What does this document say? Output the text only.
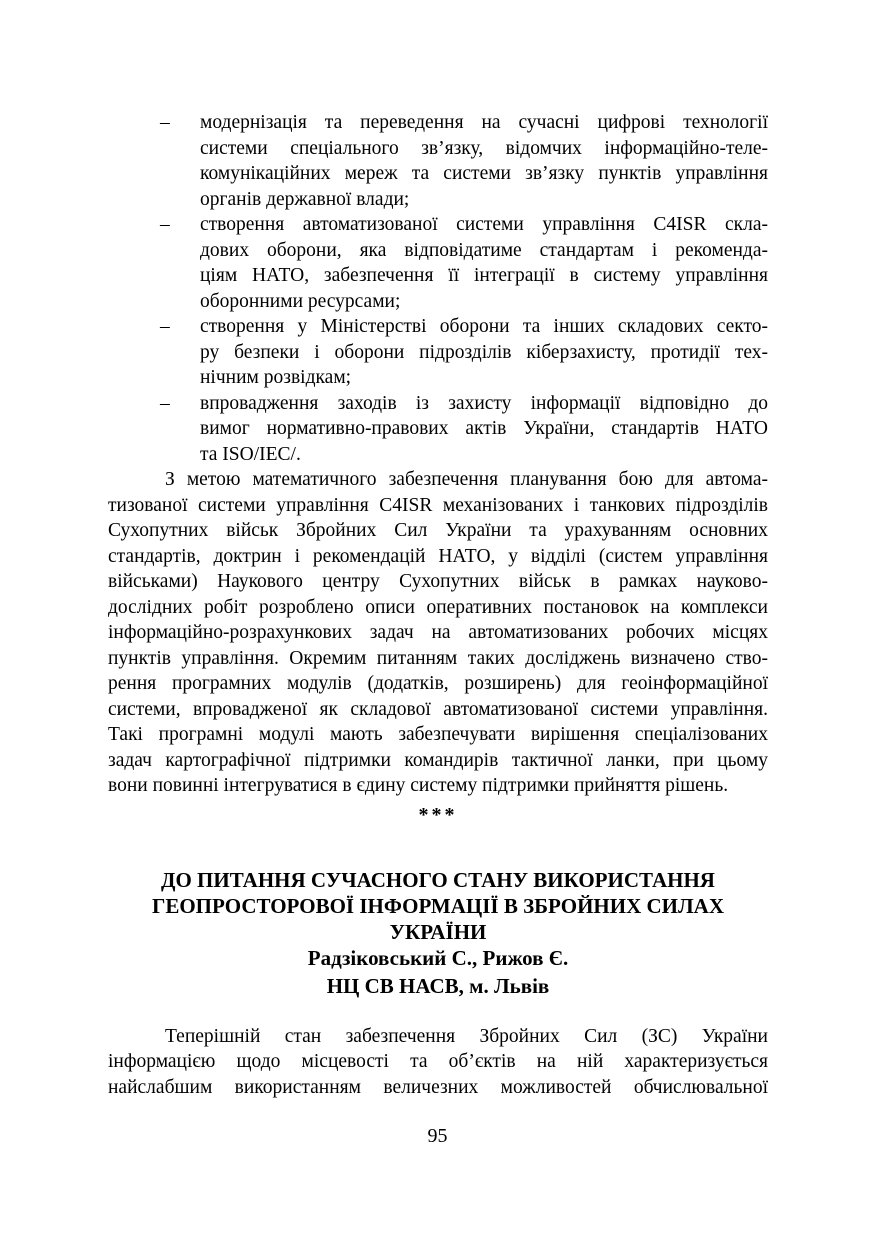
– модернізація та переведення на сучасні цифрові технології
системи спеціального зв’язку, відомчих інформаційно-теле-
комунікаційних мереж та системи зв’язку пунктів управління
органів державної влади;
– створення автоматизованої системи управління C4ISR скла-
дових оборони, яка відповідатиме стандартам і рекоменда-
ціям НАТО, забезпечення її інтеграції в систему управління
оборонними ресурсами;
– створення у Міністерстві оборони та інших складових секто-
ру безпеки і оборони підрозділів кіберзахисту, протидії тех-
нічним розвідкам;
– впровадження заходів із захисту інформації відповідно до
вимог нормативно-правових актів України, стандартів НАТО
та ISO/IEC/.
З метою математичного забезпечення планування бою для автома-
тизованої системи управління C4ISR механізованих і танкових підрозділів
Сухопутних військ Збройних Сил України та урахуванням основних
стандартів, доктрин і рекомендацій НАТО, у відділі (систем управління
військами) Наукового центру Сухопутних військ в рамках науково-
дослідних робіт розроблено описи оперативних постановок на комплекси
інформаційно-розрахункових задач на автоматизованих робочих місцях
пунктів управління. Окремим питанням таких досліджень визначено ство-
рення програмних модулів (додатків, розширень) для геоінформаційної
системи, впровадженої як складової автоматизованої системи управління.
Такі програмні модулі мають забезпечувати вирішення спеціалізованих
задач картографічної підтримки командирів тактичної ланки, при цьому
вони повинні інтегруватися в єдину систему підтримки прийняття рішень.
***
ДО ПИТАННЯ СУЧАСНОГО СТАНУ ВИКОРИСТАННЯ
ГЕОПРОСТОРОВОЇ ІНФОРМАЦІЇ В ЗБРОЙНИХ СИЛАХ
УКРАЇНИ
Радзіковський С., Рижов Є.
НЦ СВ НАСВ, м. Львів
Теперішній стан забезпечення Збройних Сил (ЗС) України
інформацією щодо місцевості та об’єктів на ній характеризується
найслабшим використанням величезних можливостей обчислювальної
95
